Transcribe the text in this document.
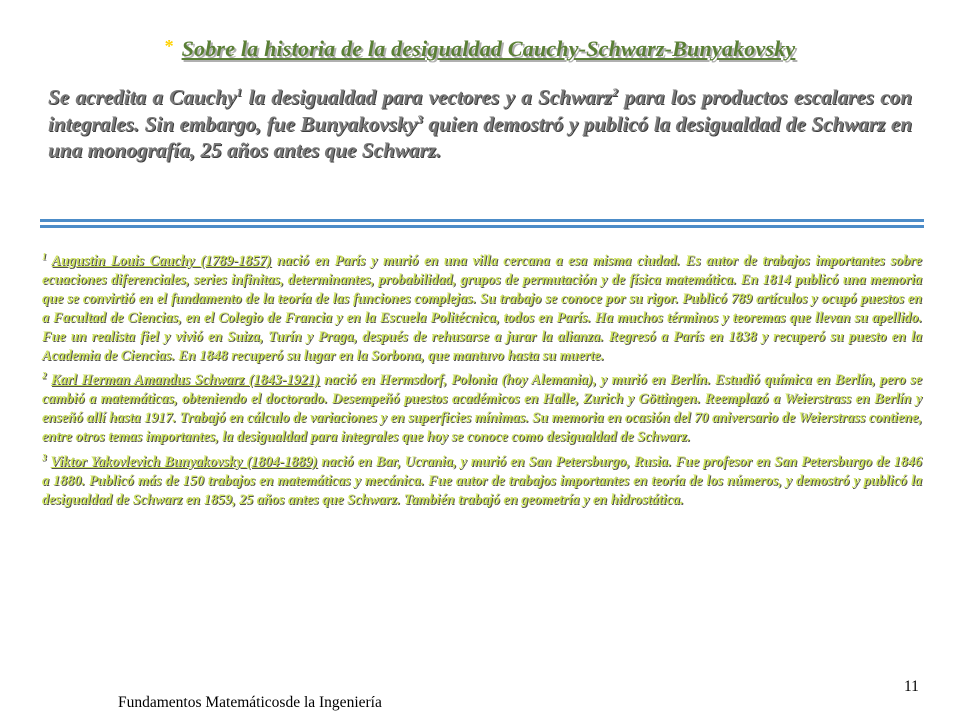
* Sobre la historia de la desigualdad Cauchy-Schwarz-Bunyakovsky
Se acredita a Cauchy$^1$ la desigualdad para vectores y a Schwarz$^2$ para los productos escalares con integrales. Sin embargo, fue Bunyakovsky$^3$ quien demostró y publicó la desigualdad de Schwarz en una monografía, 25 años antes que Schwarz.

$^1$ Augustin Louis Cauchy (1789-1857) nació en París y murió en una villa cercana a esa misma ciudad. Es autor de trabajos importantes sobre ecuaciones diferenciales, series infinitas, determinantes, probabilidad, grupos de permutación y de física matemática. En 1814 publicó una memoria que se convirtió en el fundamento de la teoría de las funciones complejas. Su trabajo se conoce por su rigor. Publicó 789 artículos y ocupó puestos en a Facultad de Ciencias, en el Colegio de Francia y en la Escuela Politécnica, todos en París. Ha muchos términos y teoremas que llevan su apellido. Fue un realista fiel y vivió en Suiza, Turín y Praga, después de rehusarse a jurar la alianza. Regresó a París en 1838 y recuperó su puesto en la Academia de Ciencias. En 1848 recuperó su lugar en la Sorbona, que mantuvo hasta su muerte.

$^2$ Karl Herman Amandus Schwarz (1843-1921) nació en Hermsdorf, Polonia (hoy Alemania), y murió en Berlín. Estudió química en Berlín, pero se cambió a matemáticas, obteniendo el doctorado. Desempeñó puestos académicos en Halle, Zurich y Göttingen. Reemplazó a Weierstrass en Berlín y enseñó allí hasta 1917. Trabajó en cálculo de variaciones y en superficies mínimas. Su memoria en ocasión del 70 aniversario de Weierstrass contiene, entre otros temas importantes, la desigualdad para integrales que hoy se conoce como desigualdad de Schwarz.

$^3$ Viktor Yakovlevich Bunyakovsky (1804-1889) nació en Bar, Ucrania, y murió en San Petersburgo, Rusia. Fue profesor en San Petersburgo de 1846 a 1880. Publicó más de 150 trabajos en matemáticas y mecánica. Fue autor de trabajos importantes en teoría de los números, y demostró y publicó la desigualdad de Schwarz en 1859, 25 años antes que Schwarz. También trabajó en geometría y en hidrostática.

Fundamentos Matemáticosde la Ingeniería
11
